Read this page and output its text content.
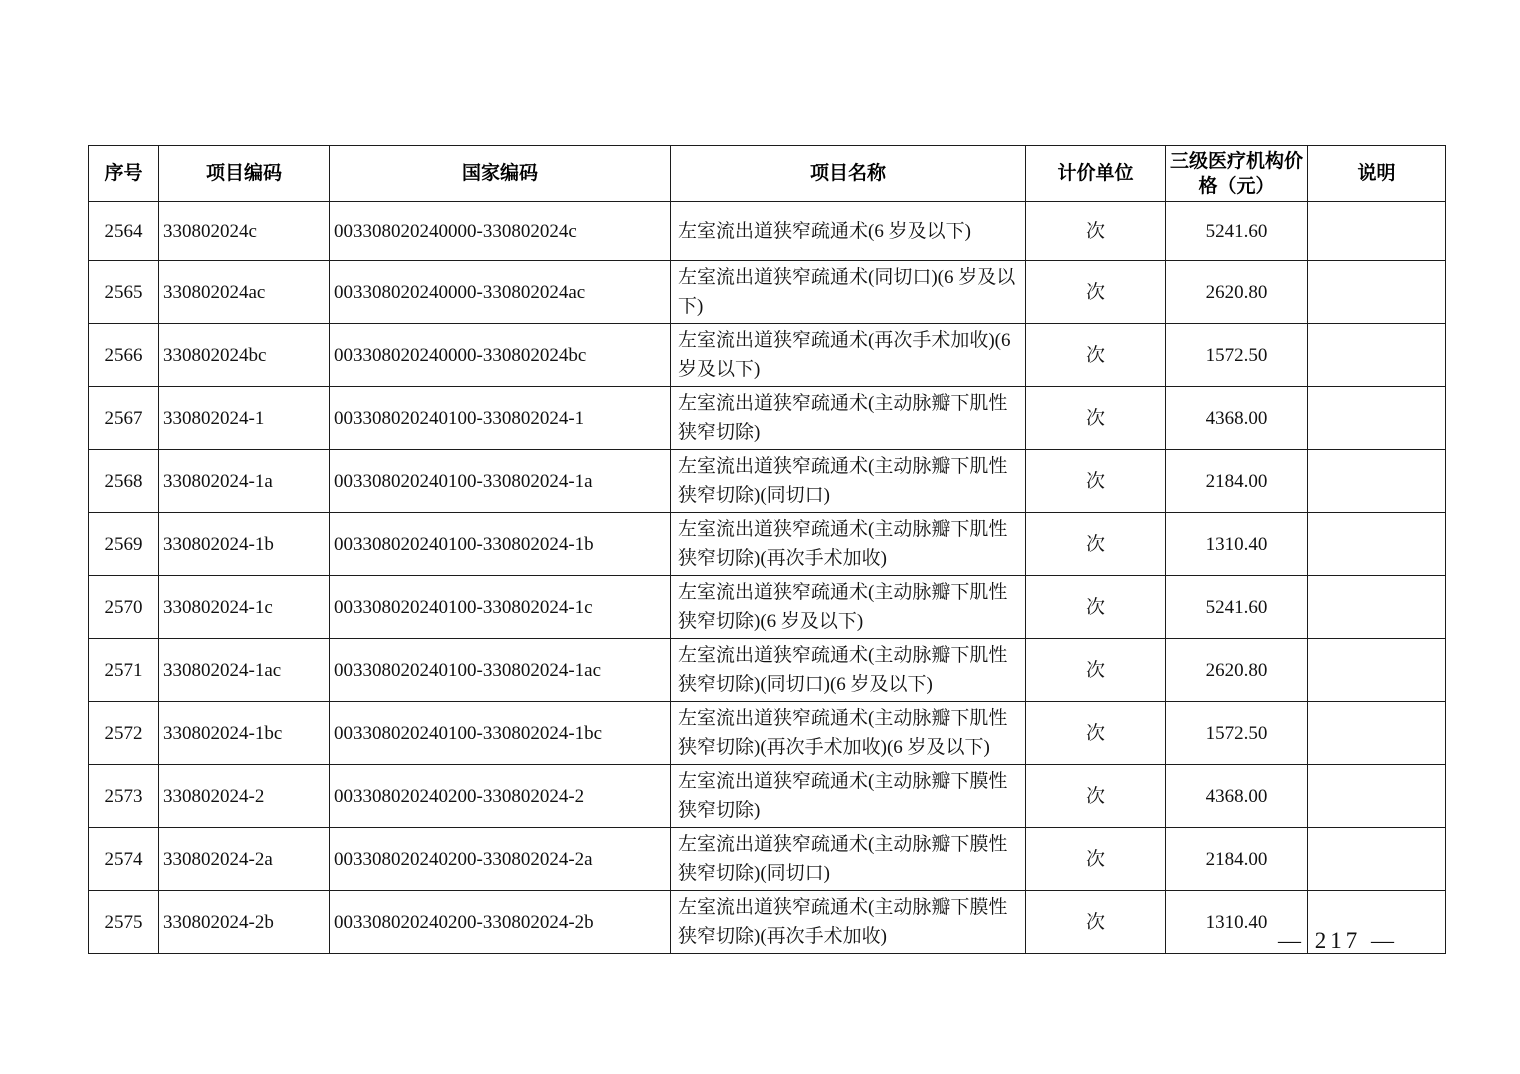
序号	项目编码	国家编码	项目名称	计价单位	三级医疗机构价格（元）	说明
2564	330802024c	003308020240000-330802024c	左室流出道狭窄疏通术(6 岁及以下)	次	5241.60	
2565	330802024ac	003308020240000-330802024ac	左室流出道狭窄疏通术(同切口)(6 岁及以下)	次	2620.80	
2566	330802024bc	003308020240000-330802024bc	左室流出道狭窄疏通术(再次手术加收)(6 岁及以下)	次	1572.50	
2567	330802024-1	003308020240100-330802024-1	左室流出道狭窄疏通术(主动脉瓣下肌性狭窄切除)	次	4368.00	
2568	330802024-1a	003308020240100-330802024-1a	左室流出道狭窄疏通术(主动脉瓣下肌性狭窄切除)(同切口)	次	2184.00	
2569	330802024-1b	003308020240100-330802024-1b	左室流出道狭窄疏通术(主动脉瓣下肌性狭窄切除)(再次手术加收)	次	1310.40	
2570	330802024-1c	003308020240100-330802024-1c	左室流出道狭窄疏通术(主动脉瓣下肌性狭窄切除)(6 岁及以下)	次	5241.60	
2571	330802024-1ac	003308020240100-330802024-1ac	左室流出道狭窄疏通术(主动脉瓣下肌性狭窄切除)(同切口)(6 岁及以下)	次	2620.80	
2572	330802024-1bc	003308020240100-330802024-1bc	左室流出道狭窄疏通术(主动脉瓣下肌性狭窄切除)(再次手术加收)(6 岁及以下)	次	1572.50	
2573	330802024-2	003308020240200-330802024-2	左室流出道狭窄疏通术(主动脉瓣下膜性狭窄切除)	次	4368.00	
2574	330802024-2a	003308020240200-330802024-2a	左室流出道狭窄疏通术(主动脉瓣下膜性狭窄切除)(同切口)	次	2184.00	
2575	330802024-2b	003308020240200-330802024-2b	左室流出道狭窄疏通术(主动脉瓣下膜性狭窄切除)(再次手术加收)	次	1310.40	
— 217 —
